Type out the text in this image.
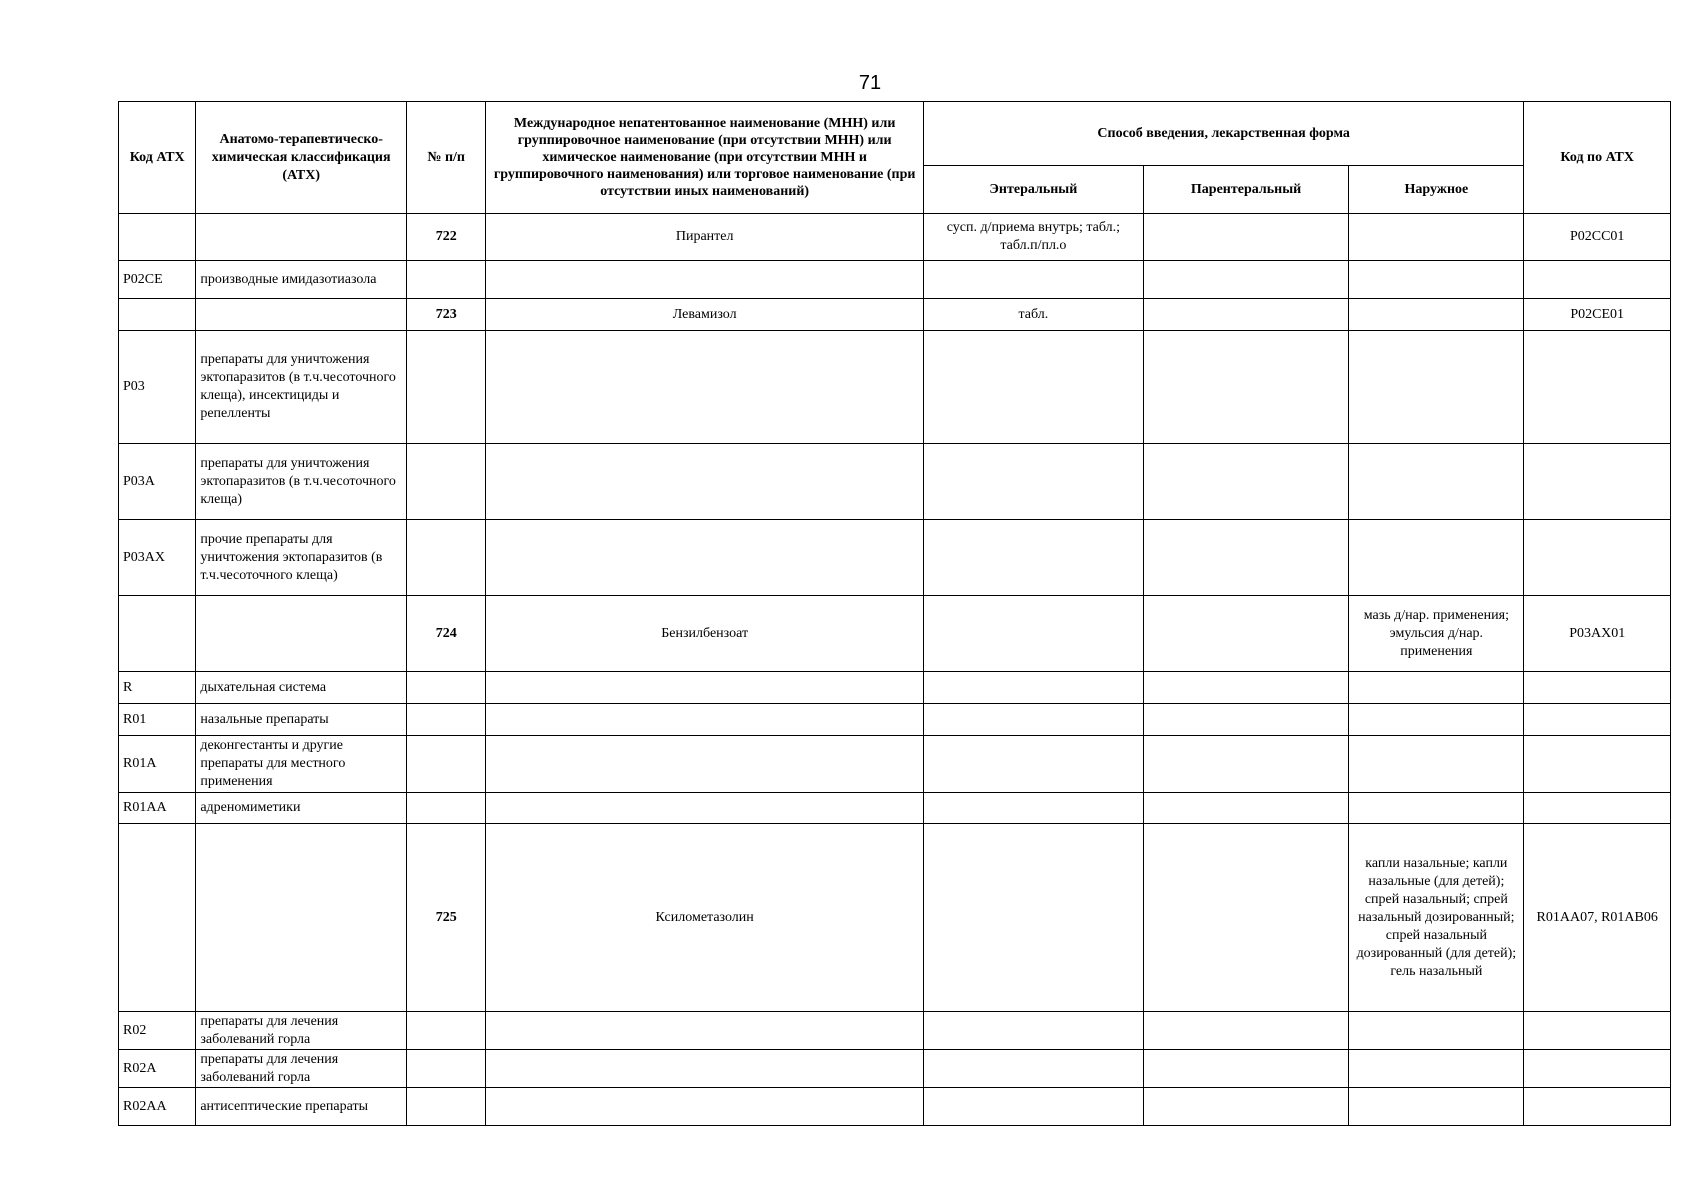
71
Код АТХ	Анатомо-терапевтическо-химическая классификация (АТХ)	№ п/п	Международное непатентованное наименование (МНН) или группировочное наименование (при отсутствии МНН) или химическое наименование (при отсутствии МНН и группировочного наименования) или торговое наименование (при отсутствии иных наименований)	Способ введения, лекарственная форма			Код по АТХ
				Энтеральный	Парентеральный	Наружное	
		722	Пирантел	сусп. д/приема внутрь; табл.; табл.п/пл.о			P02CC01
P02CE	производные имидазотиазола						
		723	Левамизол	табл.			P02CE01
P03	препараты для уничтожения эктопаразитов (в т.ч.чесоточного клеща), инсектициды и репелленты						
P03A	препараты для уничтожения эктопаразитов (в т.ч.чесоточного клеща)						
P03AX	прочие препараты для уничтожения эктопаразитов (в т.ч.чесоточного клеща)						
		724	Бензилбензоат			мазь д/нар. применения; эмульсия д/нар. применения	P03AX01
R	дыхательная система						
R01	назальные препараты						
R01A	деконгестанты и другие препараты для местного применения						
R01AA	адреномиметики						
		725	Ксилометазолин			капли назальные; капли назальные (для детей); спрей назальный; спрей назальный дозированный; спрей назальный дозированный (для детей); гель назальный	R01AA07, R01AB06
R02	препараты для лечения заболеваний горла						
R02A	препараты для лечения заболеваний горла						
R02AA	антисептические препараты						
